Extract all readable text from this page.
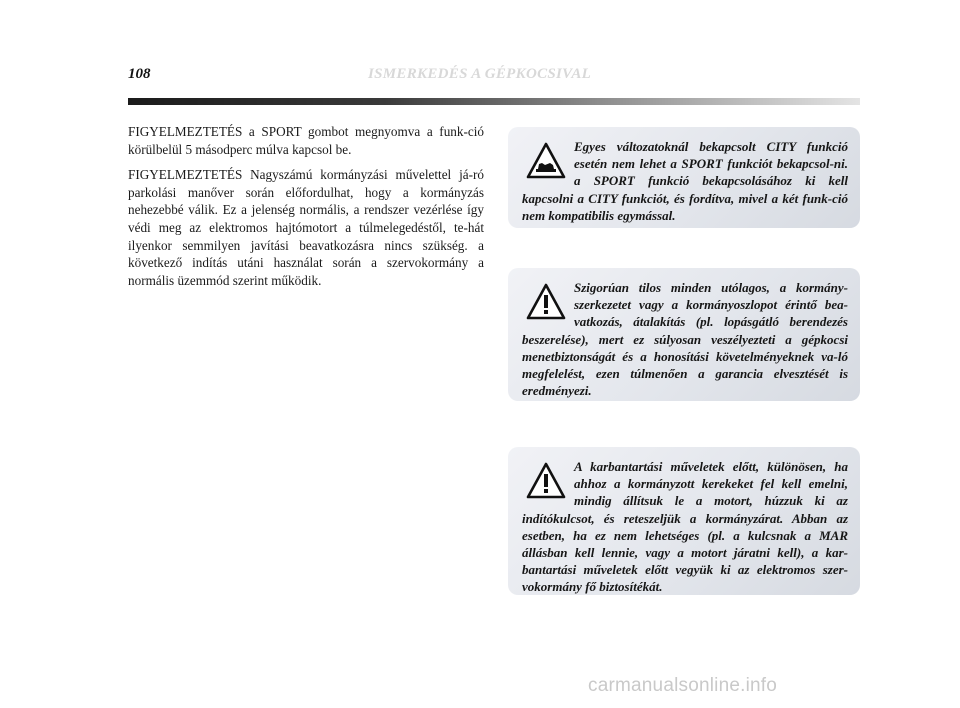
108	ISMERKEDÉS A GÉPKOCSIVAL

FIGYELMEZTETÉS a SPORT gombot megnyomva a funk-ció körülbelül 5 másodperc múlva kapcsol be.

FIGYELMEZTETÉS Nagyszámú kormányzási művelettel já-ró parkolási manőver során előfordulhat, hogy a kormányzás nehezebbé válik. Ez a jelenség normális, a rendszer vezérlése így védi meg az elektromos hajtómotort a túlmelegedéstől, te-hát ilyenkor semmilyen javítási beavatkozásra nincs szükség. a következő indítás utáni használat során a szervokormány a normális üzemmód szerint működik.

Egyes változatoknál bekapcsolt CITY funkció esetén nem lehet a SPORT funkciót bekapcsol-ni. a SPORT funkció bekapcsolásához ki kell kapcsolni a CITY funkciót, és fordítva, mivel a két funk-ció nem kompatibilis egymással.
Szigorúan tilos minden utólagos, a kormány-szerkezetet vagy a kormányoszlopot érintő bea-vatkozás, átalakítás (pl. lopásgátló berendezés beszerelése), mert ez súlyosan veszélyezteti a gépkocsi menetbiztonságát és a honosítási követelményeknek va-ló megfelelést, ezen túlmenően a garancia elvesztését is eredményezi.
A karbantartási műveletek előtt, különösen, ha ahhoz a kormányzott kerekeket fel kell emelni, mindig állítsuk le a motort, húzzuk ki az indítókulcsot, és reteszeljük a kormányzárat. Abban az esetben, ha ez nem lehetséges (pl. a kulcsnak a MAR állásban kell lennie, vagy a motort járatni kell), a kar-bantartási műveletek előtt vegyük ki az elektromos szer-vokormány fő biztosítékát.
carmanualsonline.info
